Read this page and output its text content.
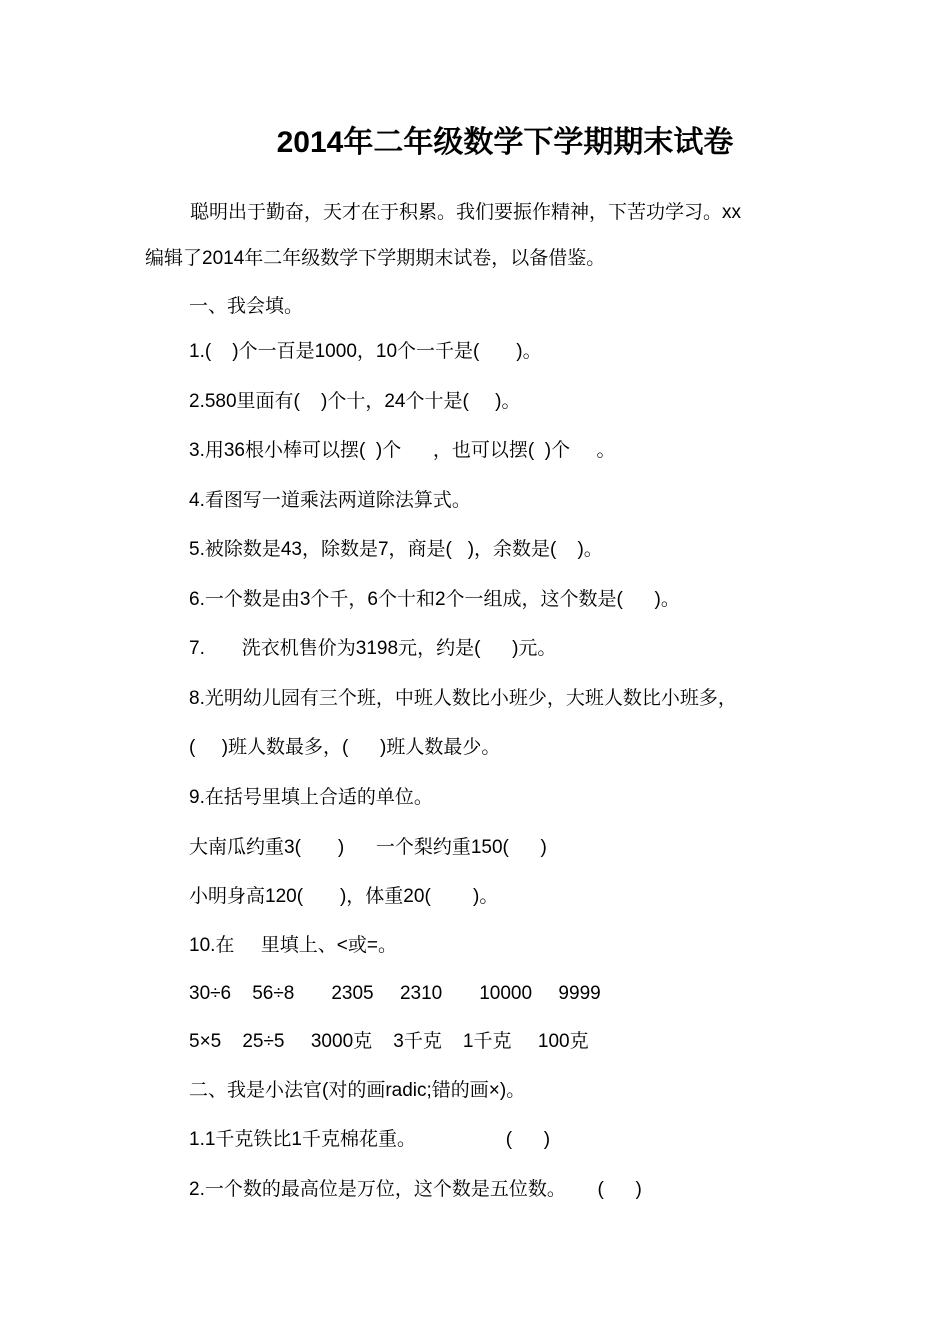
2014年二年级数学下学期期末试卷
聪明出于勤奋，天才在于积累。我们要振作精神，下苦功学习。xx
编辑了2014年二年级数学下学期期末试卷，以备借鉴。
一、我会填。
1.(    )个一百是1000，10个一千是(       )。
2.580里面有(    )个十，24个十是(     )。
3.用36根小棒可以摆(  )个      ，也可以摆(  )个     。
4.看图写一道乘法两道除法算式。
5.被除数是43，除数是7，商是(   )，余数是(    )。
6.一个数是由3个千，6个十和2个一组成，这个数是(      )。
7.       洗衣机售价为3198元，约是(      )元。
8.光明幼儿园有三个班，中班人数比小班少，大班人数比小班多，
(     )班人数最多，(      )班人数最少。
9.在括号里填上合适的单位。
大南瓜约重3(       )      一个梨约重150(      )
小明身高120(       )，体重20(        )。
10.在     里填上、<或=。
30÷6    56÷8       2305     2310       10000     9999
5×5    25÷5     3000克    3千克    1千克     100克
二、我是小法官(对的画radic;错的画×)。
1.1千克铁比1千克棉花重。                 (      )
2.一个数的最高位是万位，这个数是五位数。      (      )
